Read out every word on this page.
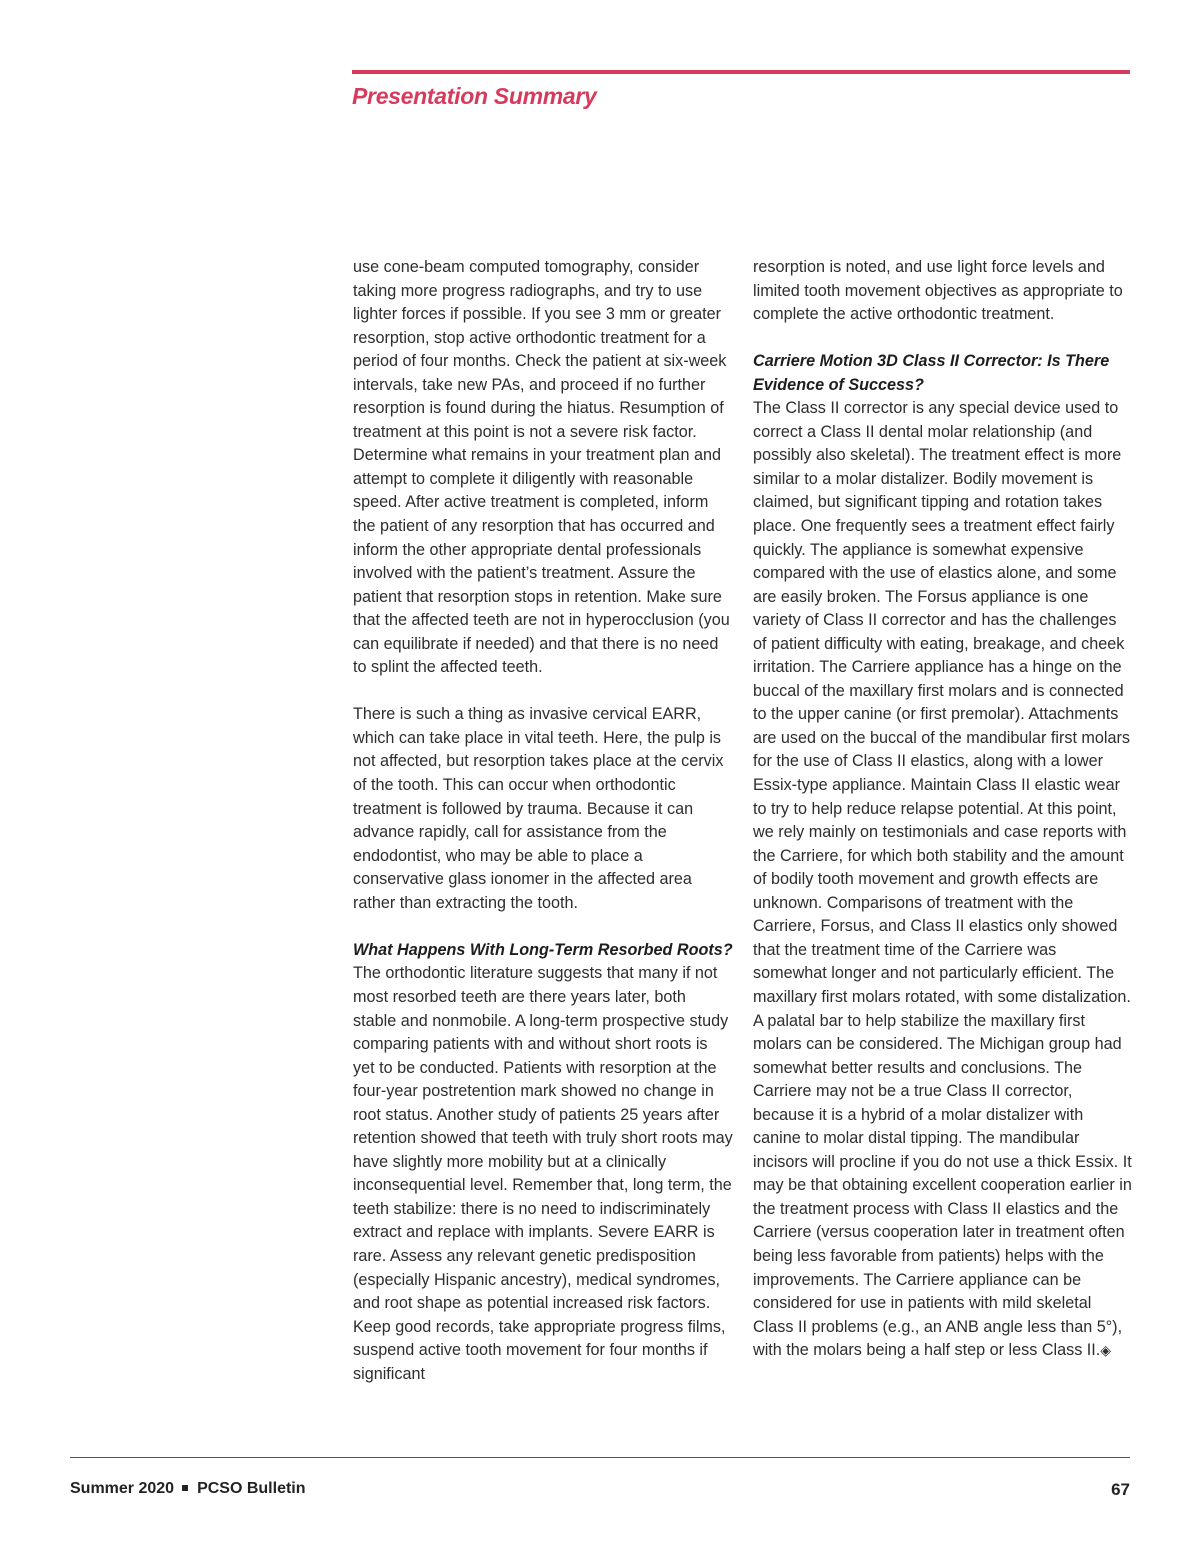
Presentation Summary

use cone-beam computed tomography, consider taking more progress radiographs, and try to use lighter forces if possible. If you see 3 mm or greater resorption, stop active orthodontic treatment for a period of four months. Check the patient at six-week intervals, take new PAs, and proceed if no further resorption is found during the hiatus. Resumption of treatment at this point is not a severe risk factor. Determine what remains in your treatment plan and attempt to complete it diligently with reasonable speed. After active treatment is completed, inform the patient of any resorption that has occurred and inform the other appropriate dental professionals involved with the patient’s treatment. Assure the patient that resorption stops in retention. Make sure that the affected teeth are not in hyperocclusion (you can equilibrate if needed) and that there is no need to splint the affected teeth.

There is such a thing as invasive cervical EARR, which can take place in vital teeth. Here, the pulp is not affected, but resorption takes place at the cervix of the tooth. This can occur when orthodontic treatment is followed by trauma. Because it can advance rapidly, call for assistance from the endodontist, who may be able to place a conservative glass ionomer in the affected area rather than extracting the tooth.

What Happens With Long-Term Resorbed Roots?

The orthodontic literature suggests that many if not most resorbed teeth are there years later, both stable and nonmobile. A long-term prospective study comparing patients with and without short roots is yet to be conducted. Patients with resorption at the four-year postretention mark showed no change in root status. Another study of patients 25 years after retention showed that teeth with truly short roots may have slightly more mobility but at a clinically inconsequential level. Remember that, long term, the teeth stabilize: there is no need to indiscriminately extract and replace with implants. Severe EARR is rare. Assess any relevant genetic predisposition (especially Hispanic ancestry), medical syndromes, and root shape as potential increased risk factors. Keep good records, take appropriate progress films, suspend active tooth movement for four months if significant

resorption is noted, and use light force levels and limited tooth movement objectives as appropriate to complete the active orthodontic treatment.

Carriere Motion 3D Class II Corrector: Is There Evidence of Success?

The Class II corrector is any special device used to correct a Class II dental molar relationship (and possibly also skeletal). The treatment effect is more similar to a molar distalizer. Bodily movement is claimed, but significant tipping and rotation takes place. One frequently sees a treatment effect fairly quickly. The appliance is somewhat expensive compared with the use of elastics alone, and some are easily broken. The Forsus appliance is one variety of Class II corrector and has the challenges of patient difficulty with eating, breakage, and cheek irritation. The Carriere appliance has a hinge on the buccal of the maxillary first molars and is connected to the upper canine (or first premolar). Attachments are used on the buccal of the mandibular first molars for the use of Class II elastics, along with a lower Essix-type appliance. Maintain Class II elastic wear to try to help reduce relapse potential. At this point, we rely mainly on testimonials and case reports with the Carriere, for which both stability and the amount of bodily tooth movement and growth effects are unknown. Comparisons of treatment with the Carriere, Forsus, and Class II elastics only showed that the treatment time of the Carriere was somewhat longer and not particularly efficient. The maxillary first molars rotated, with some distalization. A palatal bar to help stabilize the maxillary first molars can be considered. The Michigan group had somewhat better results and conclusions. The Carriere may not be a true Class II corrector, because it is a hybrid of a molar distalizer with canine to molar distal tipping. The mandibular incisors will procline if you do not use a thick Essix. It may be that obtaining excellent cooperation earlier in the treatment process with Class II elastics and the Carriere (versus cooperation later in treatment often being less favorable from patients) helps with the improvements. The Carriere appliance can be considered for use in patients with mild skeletal Class II problems (e.g., an ANB angle less than 5°), with the molars being a half step or less Class II.◈

Summer 2020 PCSO Bulletin	67
